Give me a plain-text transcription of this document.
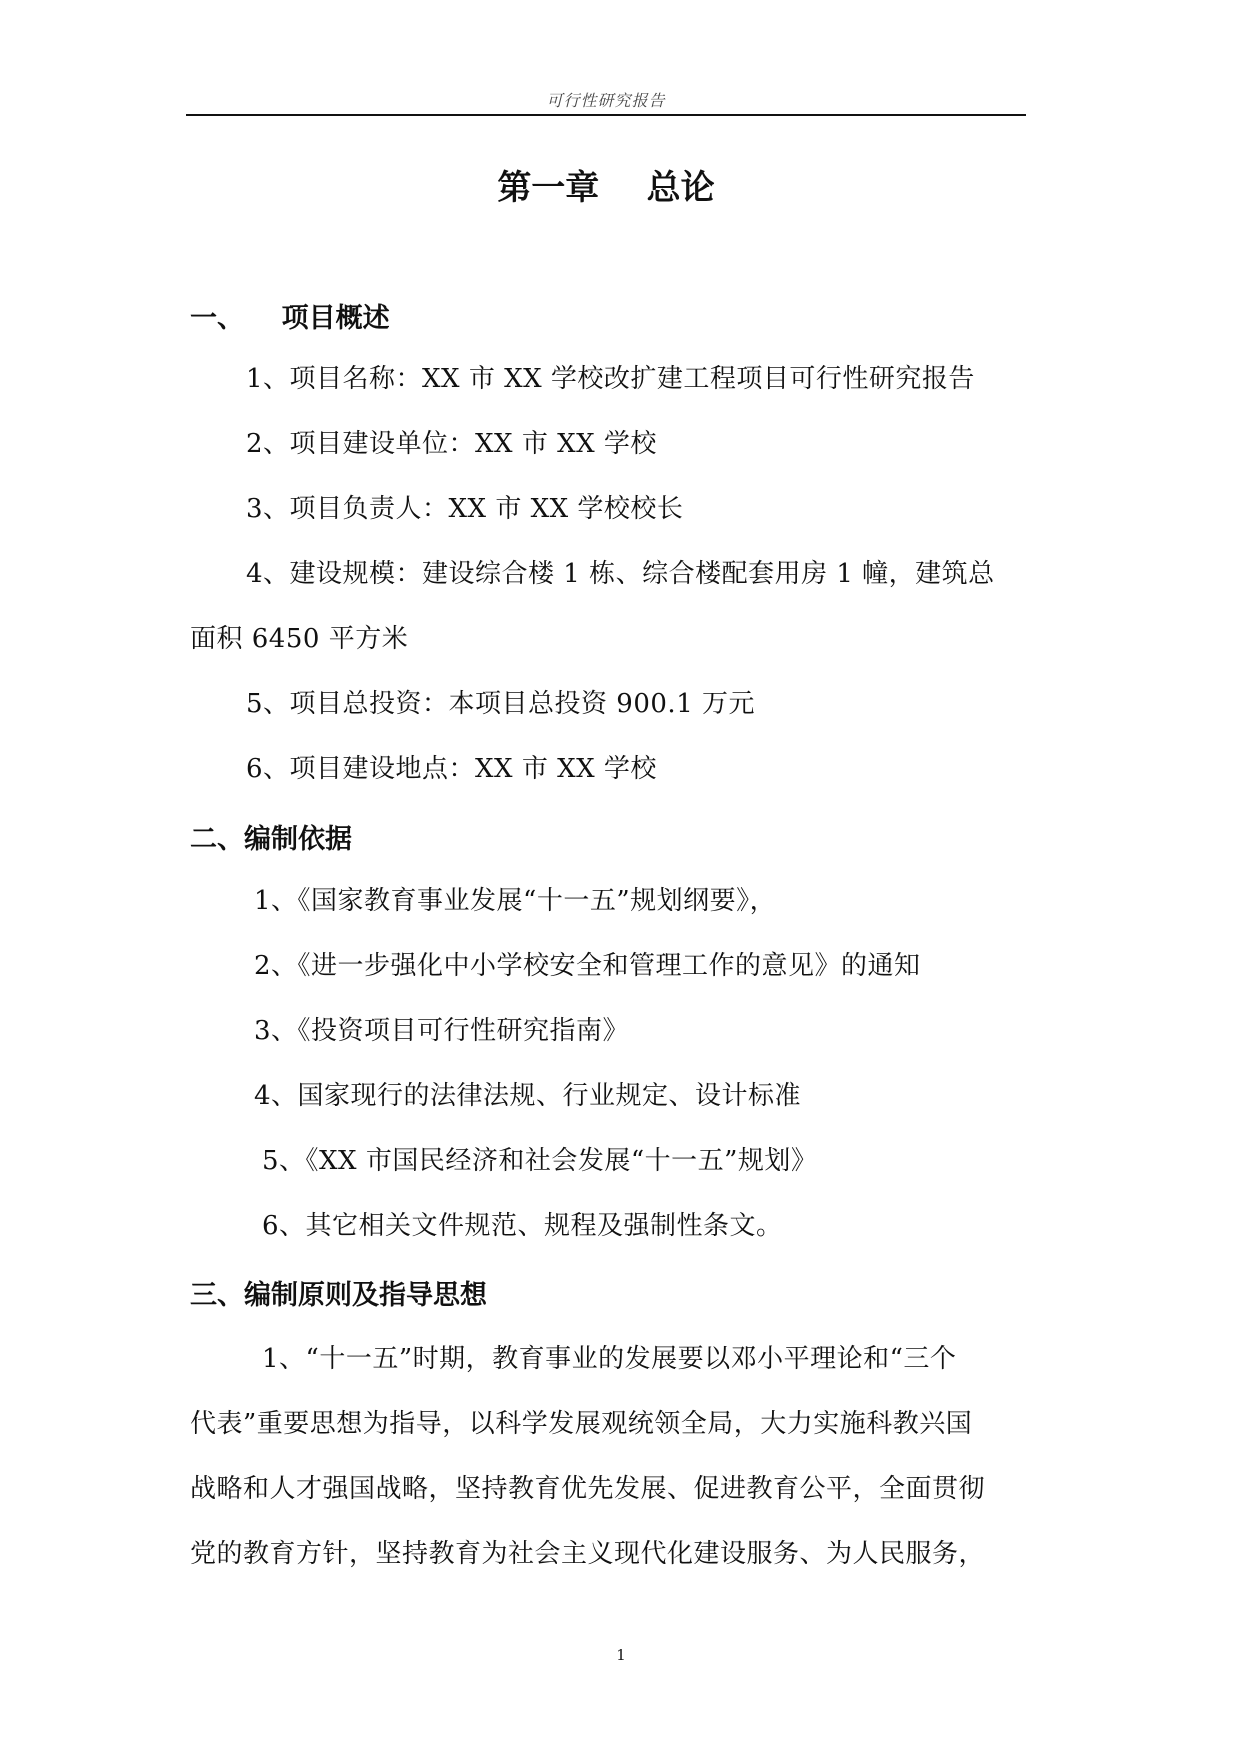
可行性研究报告
第一章    总论
一、    项目概述
1、项目名称：XX 市 XX 学校改扩建工程项目可行性研究报告
2、项目建设单位：XX 市 XX 学校
3、项目负责人：XX 市 XX 学校校长
4、建设规模：建设综合楼 1 栋、综合楼配套用房 1 幢，建筑总
面积 6450 平方米
5、项目总投资：本项目总投资 900.1 万元
6、项目建设地点：XX 市 XX 学校
二、编制依据
1、《国家教育事业发展“十一五”规划纲要》，
2、《进一步强化中小学校安全和管理工作的意见》的通知
3、《投资项目可行性研究指南》
4、国家现行的法律法规、行业规定、设计标准
5、《XX 市国民经济和社会发展“十一五”规划》
6、其它相关文件规范、规程及强制性条文。
三、编制原则及指导思想
1、“十一五”时期，教育事业的发展要以邓小平理论和“三个
代表”重要思想为指导，以科学发展观统领全局，大力实施科教兴国
战略和人才强国战略，坚持教育优先发展、促进教育公平，全面贯彻
党的教育方针，坚持教育为社会主义现代化建设服务、为人民服务，
1
